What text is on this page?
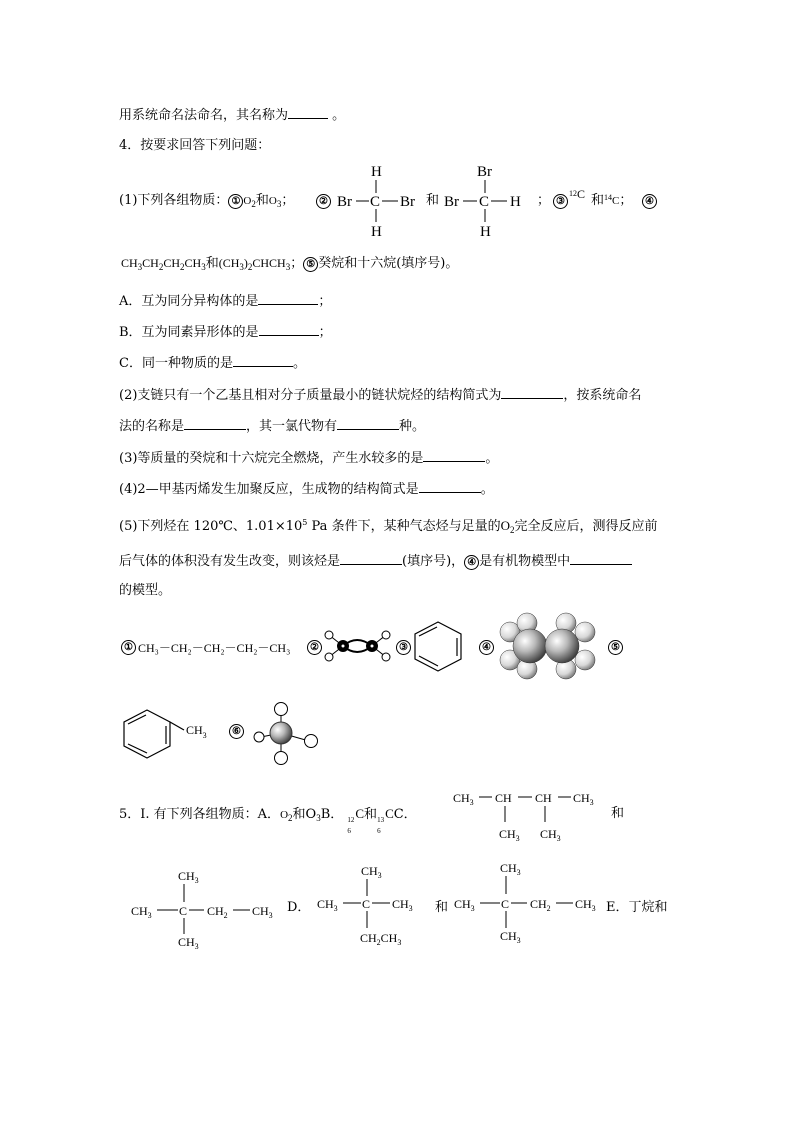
用系统命名法命名，其名称为	。
4．按要求回答下列问题：
(1)下列各组物质： ① $O_2$和$O_3$；	②	和	； ③
12C 和$^{14}$C；	④
H
Br C Br
H
Br
Br C H
H
$CH_3CH_2CH_2CH_3$和$(CH_3)_2CHCH_3$； ⑤ 癸烷和十六烷(填序号)。
A．互为同分异构体的是	；
B．互为同素异形体的是	；
C．同一种物质的是	。
(2)支链只有一个乙基且相对分子质量最小的链状烷烃的结构简式为	，按系统命名
法的名称是	，其一氯代物有	种。
(3)等质量的癸烷和十六烷完全燃烧，产生水较多的是	。
(4)2—甲基丙烯发生加聚反应，生成物的结构简式是	。
(5)下列烃在 120℃、$1.01\times 10^5$ Pa 条件下，某种气态烃与足量的$O_2$完全反应后，测得反应前
后气体的体积没有发生改变，则该烃是	(填序号)， ④ 是有机物模型中
的模型。
① CH₃－CH₂－CH₂－CH₂－CH₃	②	③	④	⑤
⑥
$CH_3$
5．I. 有下列各组物质：A．$O_2$和$O_3B$． 12
6
C和 13
6
CC．	和
$CH_3$ CH CH $CH_3$
$CH_3$ $CH_3$
$CH_3$
$CH_3$ C $CH_2$ $CH_3$
$CH_3$
$CH_3$
$CH_3$ C $CH_3$
$CH_2CH_3$
$CH_3$
$CH_3$ C $CH_2$ $CH_3$
$CH_3$
D．	和	E．丁烷和
